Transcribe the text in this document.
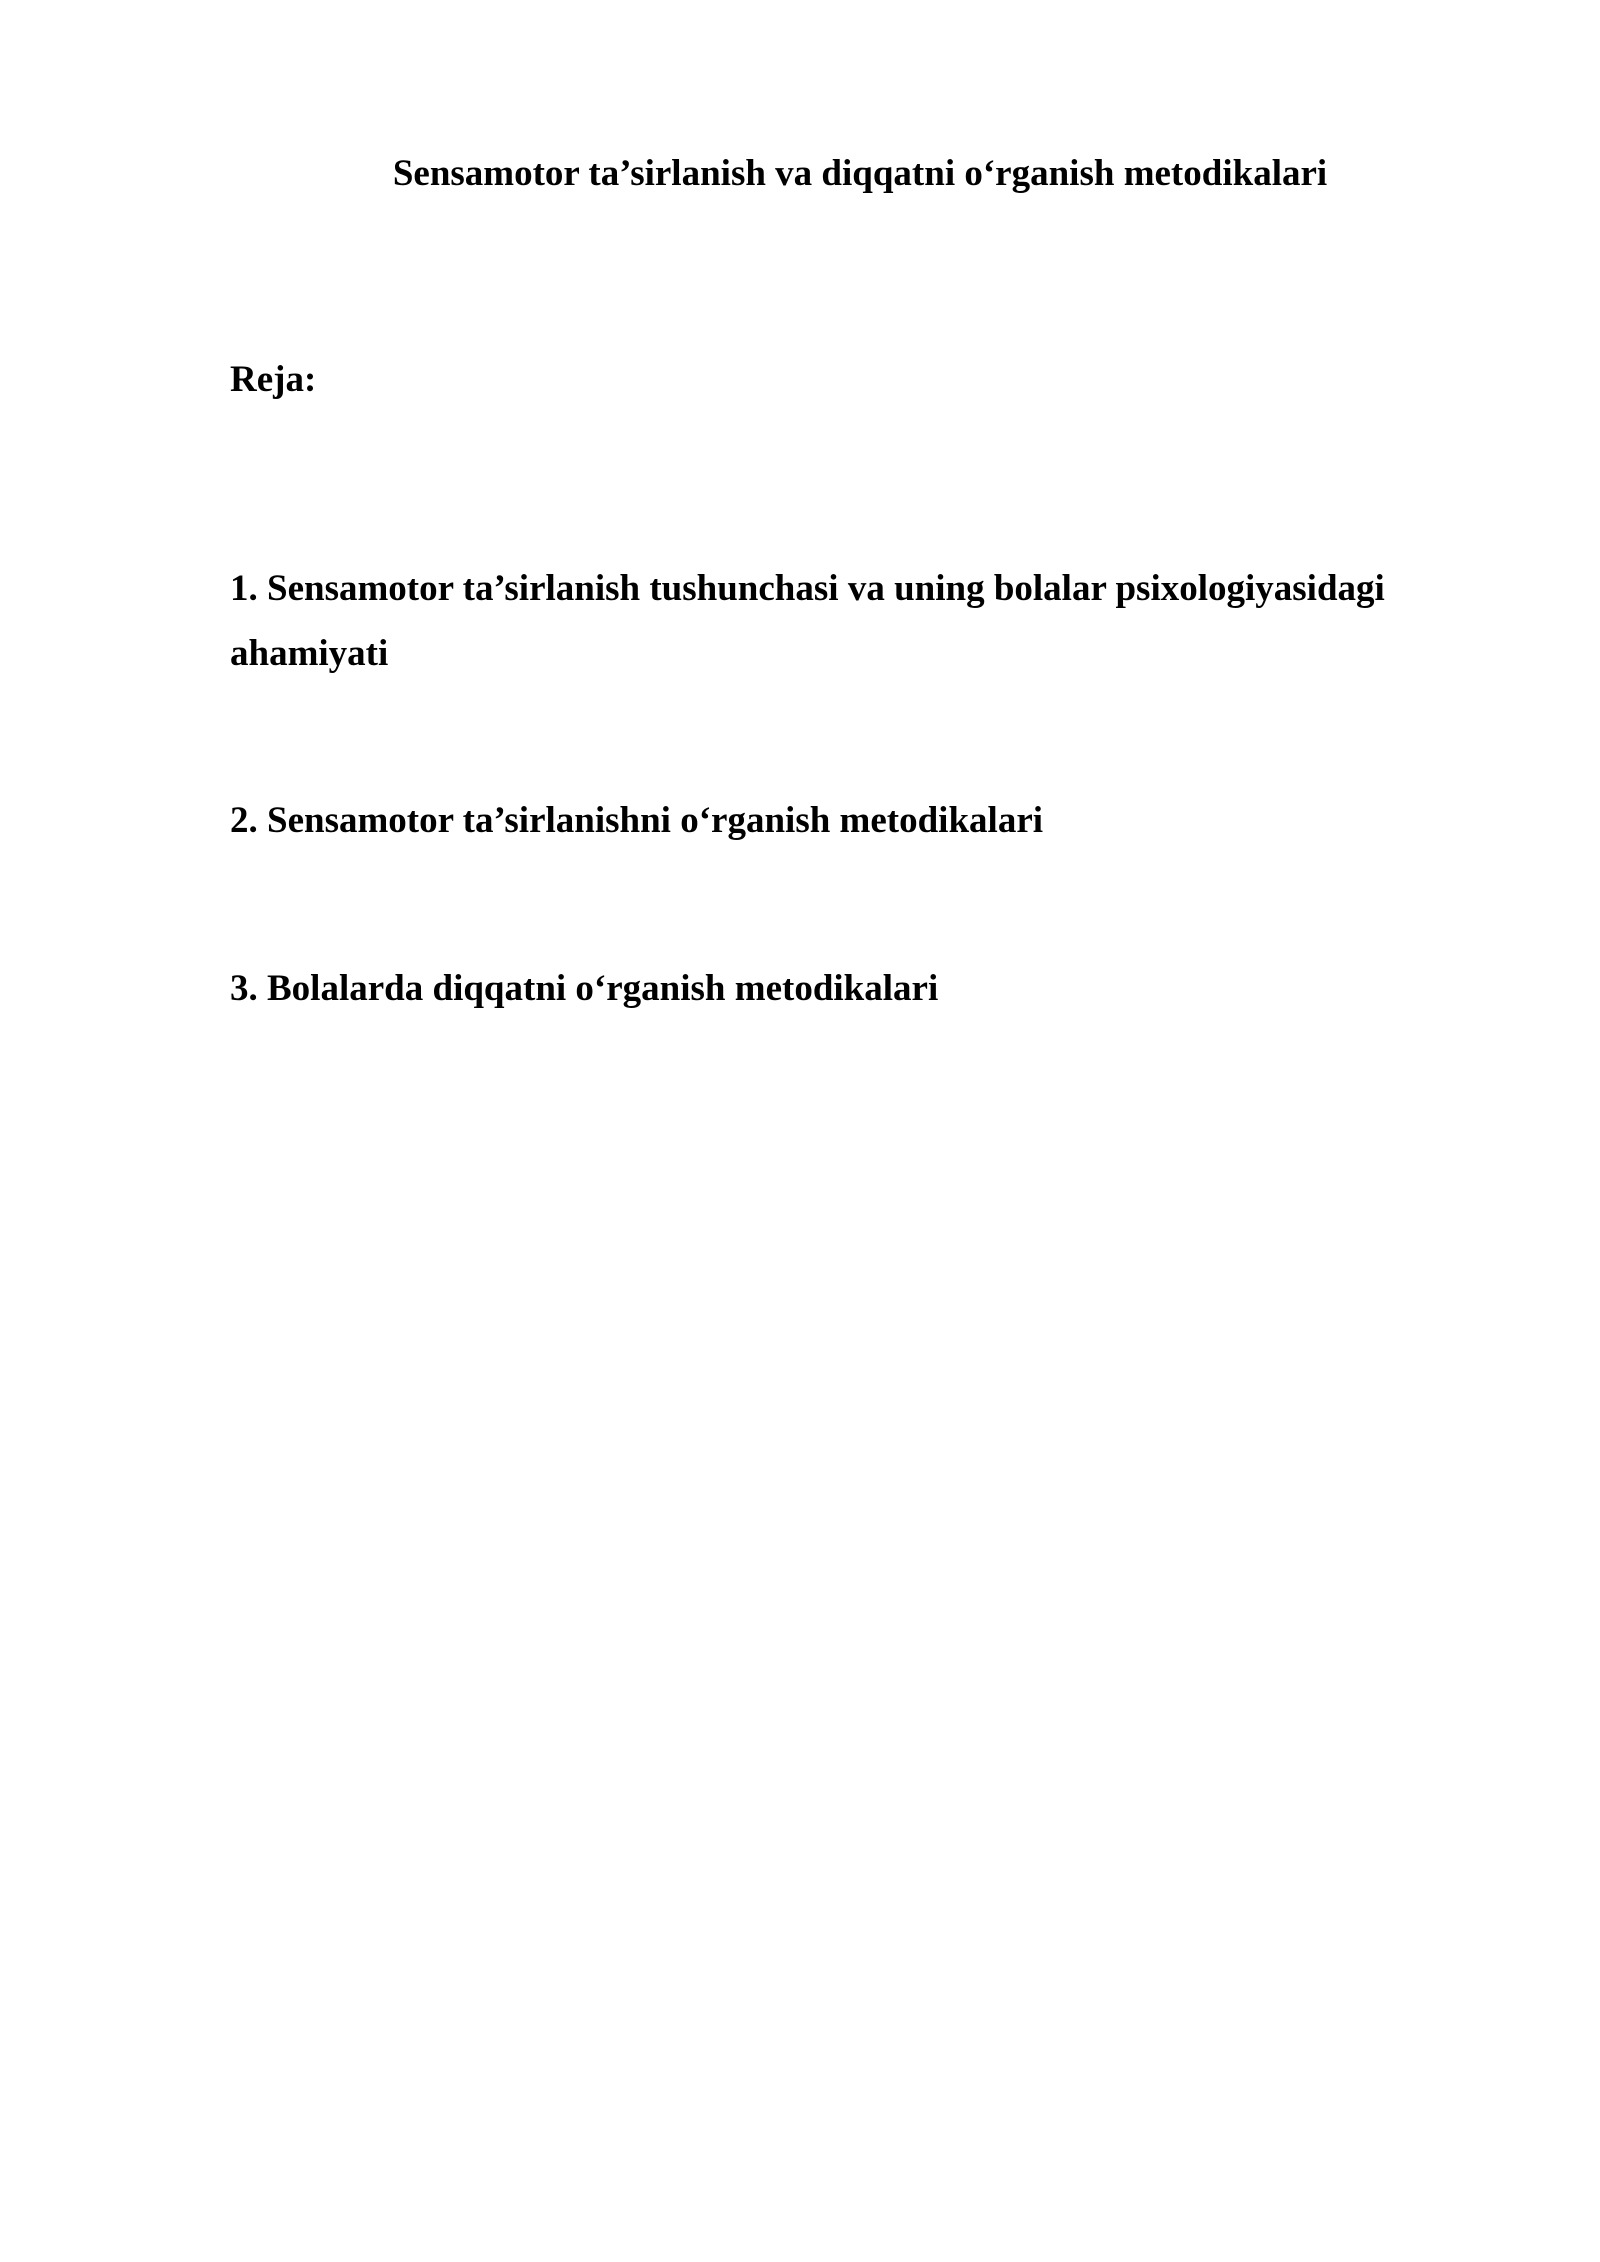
Sensamotor ta’sirlanish va diqqatni o‘rganish metodikalari
Reja:

1. Sensamotor ta’sirlanish tushunchasi va uning bolalar psixologiyasidagi ahamiyati

2. Sensamotor ta’sirlanishni o‘rganish metodikalari

3. Bolalarda diqqatni o‘rganish metodikalari
